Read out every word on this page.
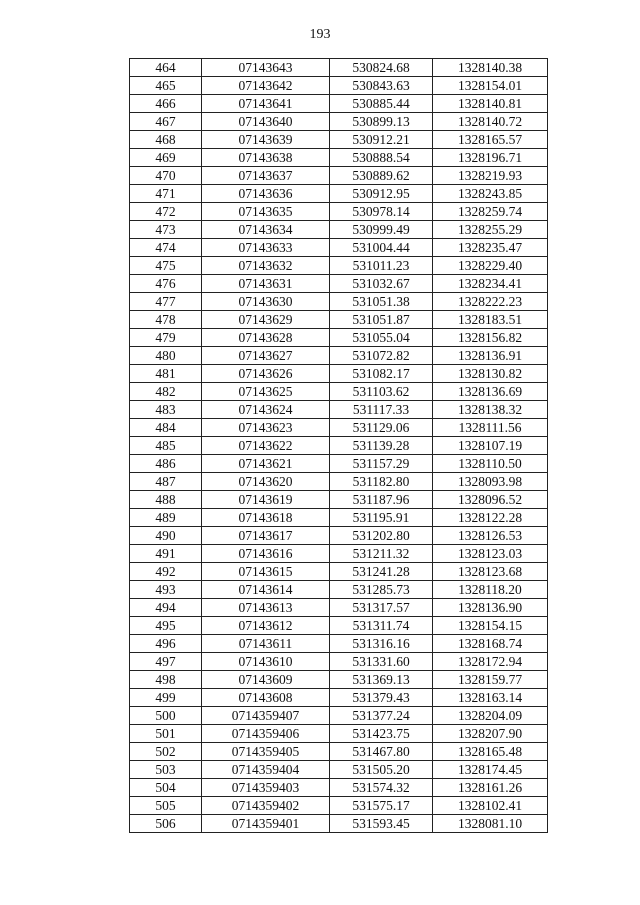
193
464	07143643	530824.68	1328140.38
465	07143642	530843.63	1328154.01
466	07143641	530885.44	1328140.81
467	07143640	530899.13	1328140.72
468	07143639	530912.21	1328165.57
469	07143638	530888.54	1328196.71
470	07143637	530889.62	1328219.93
471	07143636	530912.95	1328243.85
472	07143635	530978.14	1328259.74
473	07143634	530999.49	1328255.29
474	07143633	531004.44	1328235.47
475	07143632	531011.23	1328229.40
476	07143631	531032.67	1328234.41
477	07143630	531051.38	1328222.23
478	07143629	531051.87	1328183.51
479	07143628	531055.04	1328156.82
480	07143627	531072.82	1328136.91
481	07143626	531082.17	1328130.82
482	07143625	531103.62	1328136.69
483	07143624	531117.33	1328138.32
484	07143623	531129.06	1328111.56
485	07143622	531139.28	1328107.19
486	07143621	531157.29	1328110.50
487	07143620	531182.80	1328093.98
488	07143619	531187.96	1328096.52
489	07143618	531195.91	1328122.28
490	07143617	531202.80	1328126.53
491	07143616	531211.32	1328123.03
492	07143615	531241.28	1328123.68
493	07143614	531285.73	1328118.20
494	07143613	531317.57	1328136.90
495	07143612	531311.74	1328154.15
496	07143611	531316.16	1328168.74
497	07143610	531331.60	1328172.94
498	07143609	531369.13	1328159.77
499	07143608	531379.43	1328163.14
500	0714359407	531377.24	1328204.09
501	0714359406	531423.75	1328207.90
502	0714359405	531467.80	1328165.48
503	0714359404	531505.20	1328174.45
504	0714359403	531574.32	1328161.26
505	0714359402	531575.17	1328102.41
506	0714359401	531593.45	1328081.10
